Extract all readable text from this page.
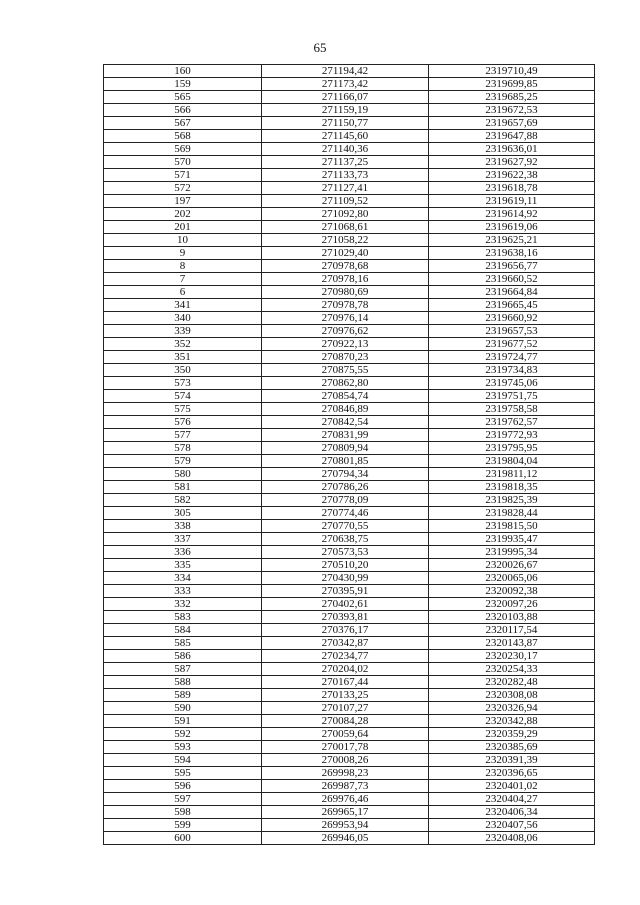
65
160	271194,42	2319710,49
159	271173,42	2319699,85
565	271166,07	2319685,25
566	271159,19	2319672,53
567	271150,77	2319657,69
568	271145,60	2319647,88
569	271140,36	2319636,01
570	271137,25	2319627,92
571	271133,73	2319622,38
572	271127,41	2319618,78
197	271109,52	2319619,11
202	271092,80	2319614,92
201	271068,61	2319619,06
10	271058,22	2319625,21
9	271029,40	2319638,16
8	270978,68	2319656,77
7	270978,16	2319660,52
6	270980,69	2319664,84
341	270978,78	2319665,45
340	270976,14	2319660,92
339	270976,62	2319657,53
352	270922,13	2319677,52
351	270870,23	2319724,77
350	270875,55	2319734,83
573	270862,80	2319745,06
574	270854,74	2319751,75
575	270846,89	2319758,58
576	270842,54	2319762,57
577	270831,99	2319772,93
578	270809,94	2319795,95
579	270801,85	2319804,04
580	270794,34	2319811,12
581	270786,26	2319818,35
582	270778,09	2319825,39
305	270774,46	2319828,44
338	270770,55	2319815,50
337	270638,75	2319935,47
336	270573,53	2319995,34
335	270510,20	2320026,67
334	270430,99	2320065,06
333	270395,91	2320092,38
332	270402,61	2320097,26
583	270393,81	2320103,88
584	270376,17	2320117,54
585	270342,87	2320143,87
586	270234,77	2320230,17
587	270204,02	2320254,33
588	270167,44	2320282,48
589	270133,25	2320308,08
590	270107,27	2320326,94
591	270084,28	2320342,88
592	270059,64	2320359,29
593	270017,78	2320385,69
594	270008,26	2320391,39
595	269998,23	2320396,65
596	269987,73	2320401,02
597	269976,46	2320404,27
598	269965,17	2320406,34
599	269953,94	2320407,56
600	269946,05	2320408,06
